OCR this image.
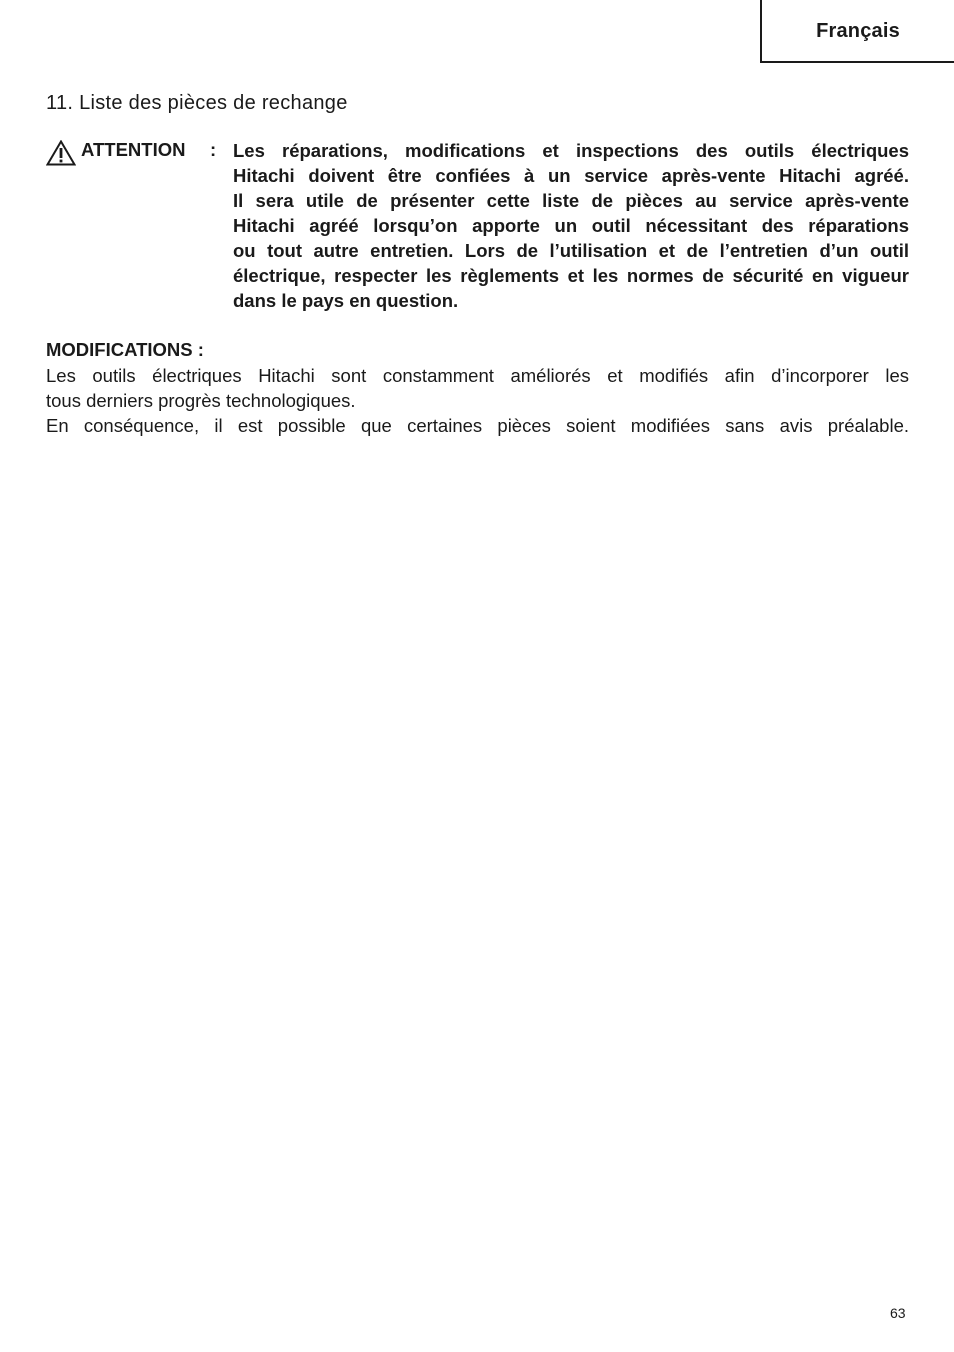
Français
11. Liste des pièces de rechange
ATTENTION : Les réparations, modifications et inspections des outils électriques
Hitachi doivent être confiées à un service après-vente Hitachi agréé.
Il sera utile de présenter cette liste de pièces au service après-vente
Hitachi agréé lorsqu’on apporte un outil nécessitant des réparations
ou tout autre entretien. Lors de l’utilisation et de l’entretien d’un outil
électrique, respecter les règlements et les normes de sécurité en vigueur
dans le pays en question.
MODIFICATIONS :
Les outils électriques Hitachi sont constamment améliorés et modifiés afin d’incorporer les
tous derniers progrès technologiques.
En conséquence, il est possible que certaines pièces soient modifiées sans avis préalable.
63
